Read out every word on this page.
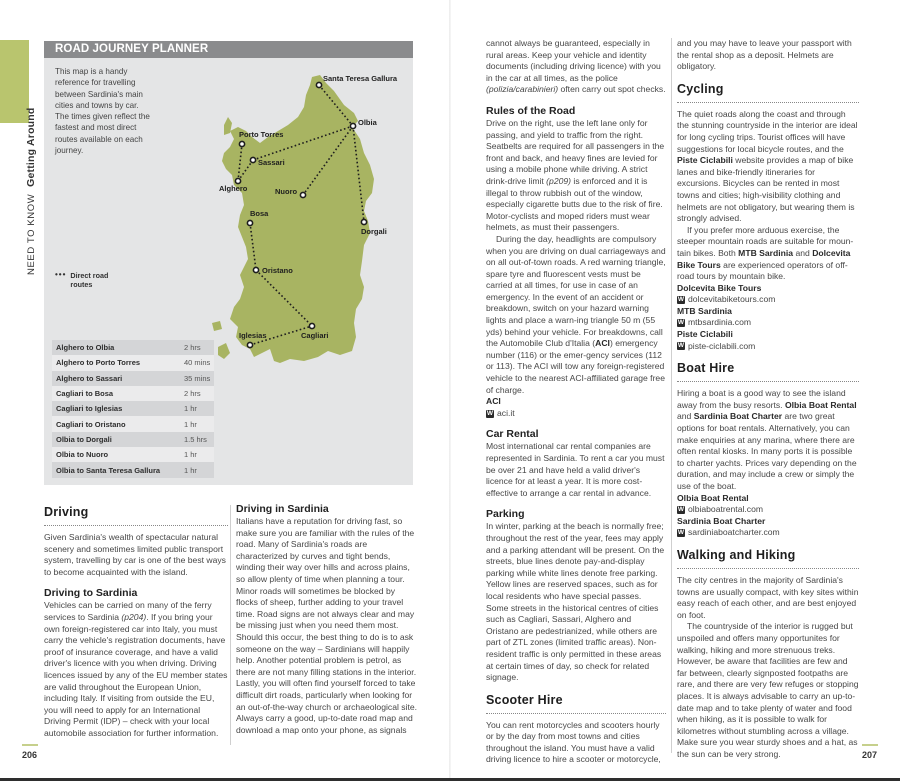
NEED TO KNOW Getting Around
ROAD JOURNEY PLANNER
This map is a handy reference for travelling between Sardinia's main cities and towns by car. The times given reflect the fastest and most direct routes available on each journey.
••• Direct road routes
Santa Teresa Gallura
Olbia
Porto Torres
Sassari
Alghero	Nuoro
Dorgali
Bosa
Oristano
Iglesias	Cagliari
Alghero to Olbia	2 hrs
Alghero to Porto Torres	40 mins
Alghero to Sassari	35 mins
Cagliari to Bosa	2 hrs
Cagliari to Iglesias	1 hr
Cagliari to Oristano	1 hr
Olbia to Dorgali	1.5 hrs
Olbia to Nuoro	1 hr
Olbia to Santa Teresa Gallura	1 hr
Driving

Given Sardinia's wealth of spectacular natural scenery and sometimes limited public transport system, travelling by car is one of the best ways to become acquainted with the island.

Driving to Sardinia

Vehicles can be carried on many of the ferry services to Sardinia (p204). If you bring your own foreign-registered car into Italy, you must carry the vehicle's registration documents, have proof of insurance coverage, and have a valid driver's licence with you when driving. Driving licences issued by any of the EU member states are valid throughout the European Union, including Italy. If visiting from outside the EU, you will need to apply for an International Driving Permit (IDP) – check with your local automobile association for further information.

Driving in Sardinia

Italians have a reputation for driving fast, so make sure you are familiar with the rules of the road. Many of Sardinia's roads are characterized by curves and tight bends, winding their way over hills and across plains, so allow plenty of time when planning a tour. Minor roads will sometimes be blocked by flocks of sheep, further adding to your travel time. Road signs are not always clear and may be missing just when you need them most. Should this occur, the best thing to do is to ask someone on the way – Sardinians will happily help. Another potential problem is petrol, as there are not many filling stations in the interior. Lastly, you will often find yourself forced to take difficult dirt roads, particularly when looking for an out-of-the-way church or archaeological site. Always carry a good, up-to-date road map and download a map onto your phone, as signals

206

cannot always be guaranteed, especially in rural areas. Keep your vehicle and identity documents (including driving licence) with you in the car at all times, as the police (polizia/carabinieri) often carry out spot checks.

Rules of the Road

Drive on the right, use the left lane only for passing, and yield to traffic from the right. Seatbelts are required for all passengers in the front and back, and heavy fines are levied for using a mobile phone while driving. A strict drink-drive limit (p209) is enforced and it is illegal to throw rubbish out of the window, especially cigarette butts due to the risk of fire. Motor-cyclists and moped riders must wear helmets, as must their passengers.

During the day, headlights are compulsory when you are driving on dual carriageways and on all out-of-town roads. A red warning triangle, spare tyre and fluorescent vests must be carried at all times, for use in case of an emergency. In the event of an accident or breakdown, switch on your hazard warning lights and place a warn-ing triangle 50 m (55 yds) behind your vehicle. For breakdowns, call the Automobile Club d'Italia (ACI) emergency number (116) or the emer-gency services (112 or 113). The ACI will tow any foreign-registered vehicle to the nearest ACI-affiliated garage free of charge.

ACI

W aci.it

Car Rental

Most international car rental companies are represented in Sardinia. To rent a car you must be over 21 and have held a valid driver's licence for at least a year. It is more cost-effective to arrange a car rental in advance.

Parking

In winter, parking at the beach is normally free; throughout the rest of the year, fees may apply and a parking attendant will be present. On the streets, blue lines denote pay-and-display parking while white lines denote free parking. Yellow lines are reserved spaces, such as for local residents who have special passes. Some streets in the historical centres of cities such as Cagliari, Sassari, Alghero and Oristano are pedestrianized, while others are part of ZTL zones (limited traffic areas). Non-resident traffic is only permitted in these areas at certain times of day, so check for related signage.

Scooter Hire

You can rent motorcycles and scooters hourly or by the day from most towns and cities throughout the island. You must have a valid driving licence to hire a scooter or motorcycle,

and you may have to leave your passport with the rental shop as a deposit. Helmets are obligatory.

Cycling

The quiet roads along the coast and through the stunning countryside in the interior are ideal for long cycling trips. Tourist offices will have suggestions for local bicycle routes, and the Piste Ciclabili website provides a map of bike lanes and bike-friendly itineraries for excursions. Bicycles can be rented in most towns and cities; high-visibility clothing and helmets are not obligatory, but wearing them is strongly advised.

If you prefer more arduous exercise, the steeper mountain roads are suitable for moun-tain bikes. Both MTB Sardinia and Dolcevita Bike Tours are experienced operators of off-road tours by mountain bike.

Dolcevita Bike Tours

W dolcevitabiketours.com

MTB Sardinia

W mtbsardinia.com

Piste Ciclabili

W piste-ciclabili.com

Boat Hire

Hiring a boat is a good way to see the island away from the busy resorts. Olbia Boat Rental and Sardinia Boat Charter are two great options for boat rentals. Alternatively, you can make enquiries at any marina, where there are often rental kiosks. In many ports it is possible to charter yachts. Prices vary depending on the duration, and may include a crew or simply the use of the boat.

Olbia Boat Rental

W olbiaboatrental.com

Sardinia Boat Charter

W sardiniaboatcharter.com

Walking and Hiking

The city centres in the majority of Sardinia's towns are usually compact, with key sites within easy reach of each other, and are best enjoyed on foot.

The countryside of the interior is rugged but unspoiled and offers many opportunites for walking, hiking and more strenuous treks. However, be aware that facilities are few and far between, clearly signposted footpaths are rare, and there are very few refuges or stopping places. It is always advisable to carry an up-to-date map and to take plenty of water and food when hiking, as it is possible to walk for kilometres without stumbling across a village. Make sure you wear sturdy shoes and a hat, as the sun can be very strong.	207
